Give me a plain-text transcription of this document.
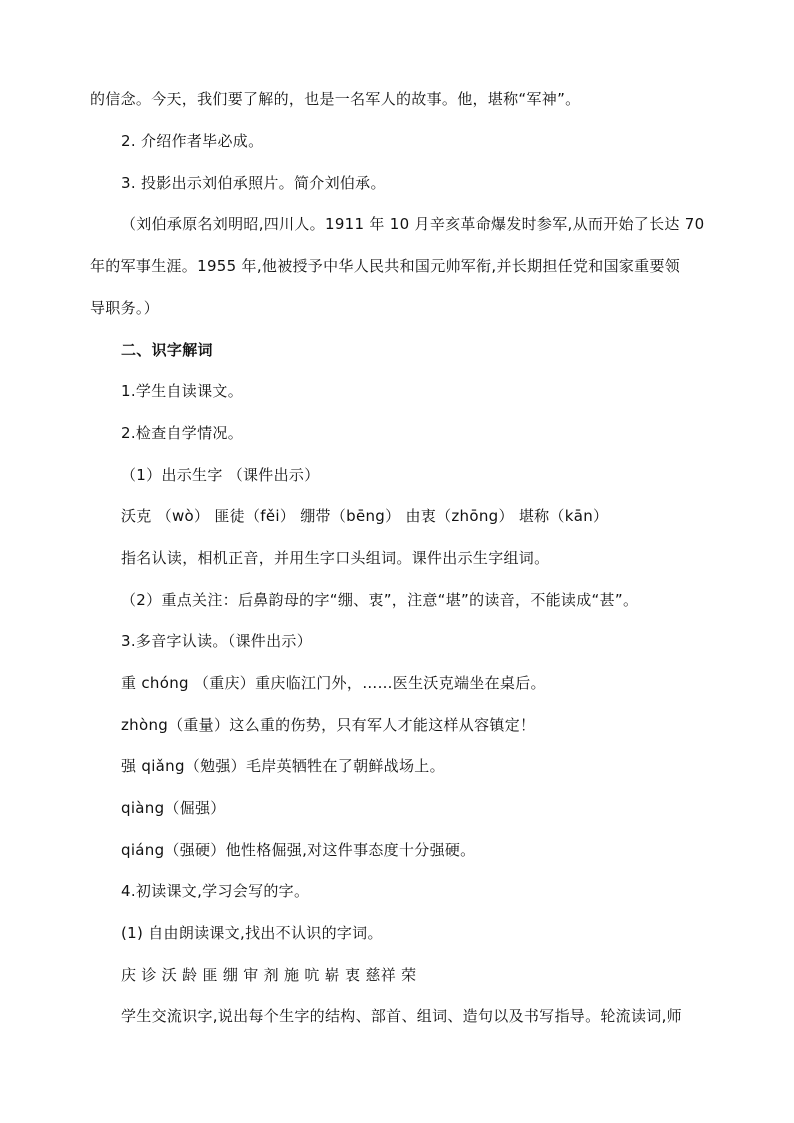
的信念。今天，我们要了解的，也是一名军人的故事。他，堪称“军神”。
2. 介绍作者毕必成。
3. 投影出示刘伯承照片。简介刘伯承。
（刘伯承原名刘明昭,四川人。1911 年 10 月辛亥革命爆发时参军,从而开始了长达 70
年的军事生涯。1955 年,他被授予中华人民共和国元帅军衔,并长期担任党和国家重要领
导职务。）
二、识字解词
1.学生自读课文。
2.检查自学情况。
（1）出示生字 （课件出示）
沃克 （wò） 匪徒（fěi） 绷带（bēng） 由衷（zhōng） 堪称（kān）
指名认读，相机正音，并用生字口头组词。课件出示生字组词。
（2）重点关注：后鼻韵母的字“绷、衷”，注意“堪”的读音，不能读成“甚”。
3.多音字认读。（课件出示）
重 chóng （重庆）重庆临江门外，……医生沃克端坐在桌后。
zhòng（重量）这么重的伤势，只有军人才能这样从容镇定！
强 qiǎng（勉强）毛岸英牺牲在了朝鲜战场上。
qiàng（倔强）
qiáng（强硬）他性格倔强,对这件事态度十分强硬。
4.初读课文,学习会写的字。
(1) 自由朗读课文,找出不认识的字词。
庆 诊 沃 龄 匪 绷 审 剂 施 吭 崭 衷 慈祥 荣
学生交流识字,说出每个生字的结构、部首、组词、造句以及书写指导。轮流读词,师
